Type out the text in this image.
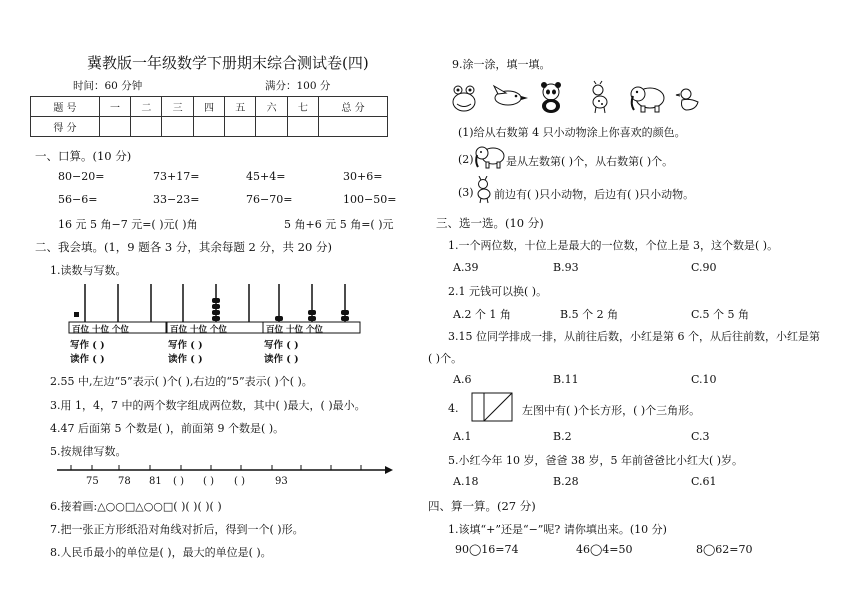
冀教版一年级数学下册期末综合测试卷(四)
时间：60 分钟	满分：100 分
题 号	一	二	三	四	五	六	七	总 分
得 分								
一、口算。(10 分)
80−20=	73+17=	45+4=	30+6=
56−6=	33−23=	76−70=	100−50=
16 元 5 角−7 元=( )元( )角	5 角+6 元 5 角=( )元
二、我会填。(1，9 题各 3 分，其余每题 2 分，共 20 分)
1.读数与写数。
百位 十位 个位	百位 十位 个位	百位 十位 个位
写作 ( )
读作 ( )
写作 ( )
读作 ( )
写作 ( )
读作 ( )
2.55 中,左边“5”表示( )个( ),右边的“5”表示( )个( )。
3.用 1，4，7 中的两个数字组成两位数，其中( )最大，( )最小。
4.47 后面第 5 个数是( )，前面第 9 个数是( )。
5.按规律写数。
75 78 81 ( ) ( ) ( )	93
6.接着画:△○○□△○○□( )( )( )( )
7.把一张正方形纸沿对角线对折后，得到一个( )形。
8.人民币最小的单位是( )，最大的单位是( )。
9.涂一涂，填一填。
(1)给从右数第 4 只小动物涂上你喜欢的颜色。
(2)	是从左数第( )个，从右数第( )个。
(3) 前边有( )只小动物，后边有( )只小动物。
三、选一选。(10 分)
1.一个两位数，十位上是最大的一位数，个位上是 3，这个数是( )。
A.39	B.93	C.90
2.1 元钱可以换( )。
A.2 个 1 角	B.5 个 2 角	C.5 个 5 角
3.15 位同学排成一排，从前往后数，小红是第 6 个，从后往前数，小红是第
( )个。
A.6	B.11	C.10
4.	左图中有( )个长方形，( )个三角形。
A.1	B.2	C.3
5.小红今年 10 岁，爸爸 38 岁，5 年前爸爸比小红大( )岁。
A.18	B.28	C.61
四、算一算。(27 分)
1.该填“+”还是“−”呢? 请你填出来。(10 分)
90◯16=74	46◯4=50	8◯62=70
